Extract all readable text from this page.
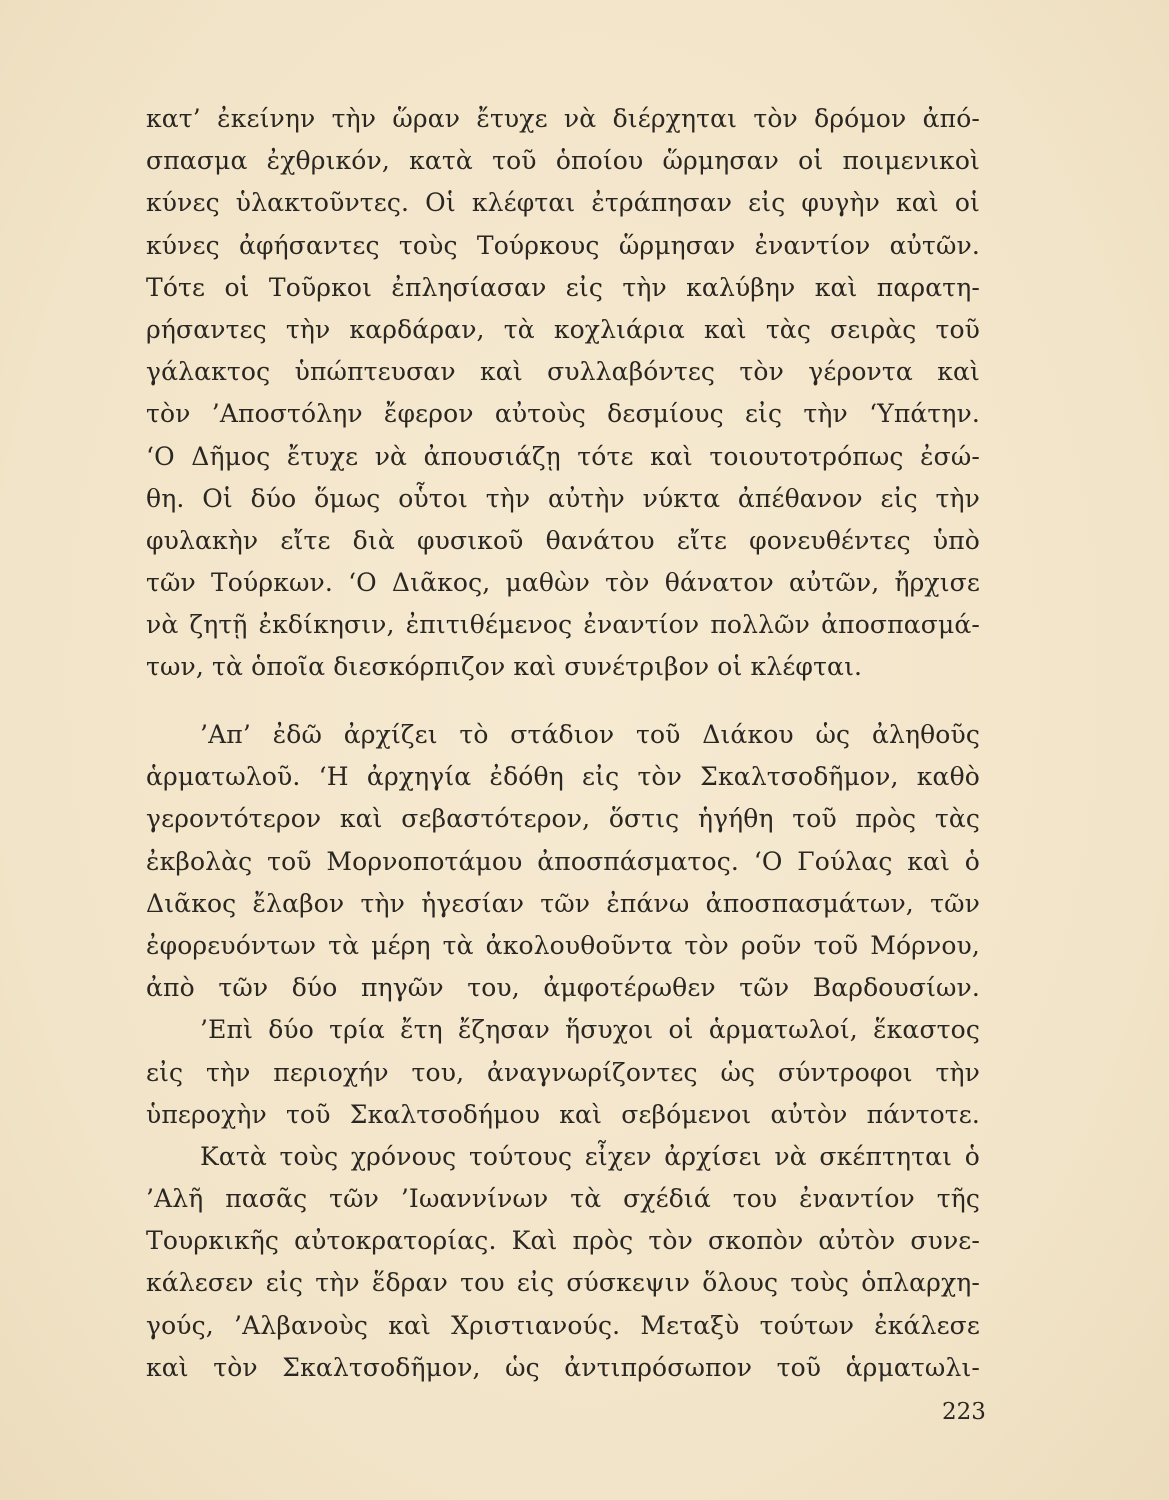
κατ’ ἐκείνην τὴν ὥραν ἔτυχε νὰ διέρχηται τὸν δρόμον ἀπό-
σπασμα ἐχθρικόν, κατὰ τοῦ ὁποίου ὥρμησαν οἱ ποιμενικοὶ
κύνες ὑλακτοῦντες. Οἱ κλέφται ἐτράπησαν εἰς φυγὴν καὶ οἱ
κύνες ἀφήσαντες τοὺς Τούρκους ὥρμησαν ἐναντίον αὐτῶν.
Τότε οἱ Τοῦρκοι ἐπλησίασαν εἰς τὴν καλύβην καὶ παρατη-
ρήσαντες τὴν καρδάραν, τὰ κοχλιάρια καὶ τὰς σειρὰς τοῦ
γάλακτος ὑπώπτευσαν καὶ συλλαβόντες τὸν γέροντα καὶ
τὸν ’Αποστόλην ἔφερον αὐτοὺς δεσμίους εἰς τὴν ‘Υπάτην.
‘Ο Δῆμος ἔτυχε νὰ ἀπουσιάζῃ τότε καὶ τοιουτοτρόπως ἐσώ-
θη. Οἱ δύο ὅμως οὗτοι τὴν αὐτὴν νύκτα ἀπέθανον εἰς τὴν
φυλακὴν εἴτε διὰ φυσικοῦ θανάτου εἴτε φονευθέντες ὑπὸ
τῶν Τούρκων. ‘Ο Διᾶκος, μαθὼν τὸν θάνατον αὐτῶν, ἤρχισε
νὰ ζητῇ ἐκδίκησιν, ἐπιτιθέμενος ἐναντίον πολλῶν ἀποσπασμά-
των, τὰ ὁποῖα διεσκόρπιζον καὶ συνέτριβον οἱ κλέφται.
’Απ’ ἐδῶ ἀρχίζει τὸ στάδιον τοῦ Διάκου ὡς ἀληθοῦς
ἁρματωλοῦ. ‘Η ἀρχηγία ἐδόθη εἰς τὸν Σκαλτσοδῆμον, καθὸ
γεροντότερον καὶ σεβαστότερον, ὅστις ἡγήθη τοῦ πρὸς τὰς
ἐκβολὰς τοῦ Μορνοποτάμου ἀποσπάσματος. ‘Ο Γούλας καὶ ὁ
Διᾶκος ἔλαβον τὴν ἡγεσίαν τῶν ἐπάνω ἀποσπασμάτων, τῶν
ἐφορευόντων τὰ μέρη τὰ ἀκολουθοῦντα τὸν ροῦν τοῦ Μόρνου,
ἀπὸ τῶν δύο πηγῶν του, ἀμφοτέρωθεν τῶν Βαρδουσίων.
’Επὶ δύο τρία ἔτη ἔζησαν ἥσυχοι οἱ ἁρματωλοί, ἕκαστος
εἰς τὴν περιοχήν του, ἀναγνωρίζοντες ὡς σύντροφοι τὴν
ὑπεροχὴν τοῦ Σκαλτσοδήμου καὶ σεβόμενοι αὐτὸν πάντοτε.
Κατὰ τοὺς χρόνους τούτους εἶχεν ἀρχίσει νὰ σκέπτηται ὁ
’Αλῆ πασᾶς τῶν ’Ιωαννίνων τὰ σχέδιά του ἐναντίον τῆς
Τουρκικῆς αὐτοκρατορίας. Καὶ πρὸς τὸν σκοπὸν αὐτὸν συνε-
κάλεσεν εἰς τὴν ἕδραν του εἰς σύσκεψιν ὅλους τοὺς ὁπλαρχη-
γούς, ’Αλβανοὺς καὶ Χριστιανούς. Μεταξὺ τούτων ἐκάλεσε
καὶ τὸν Σκαλτσοδῆμον, ὡς ἀντιπρόσωπον τοῦ ἁρματωλι-
223
